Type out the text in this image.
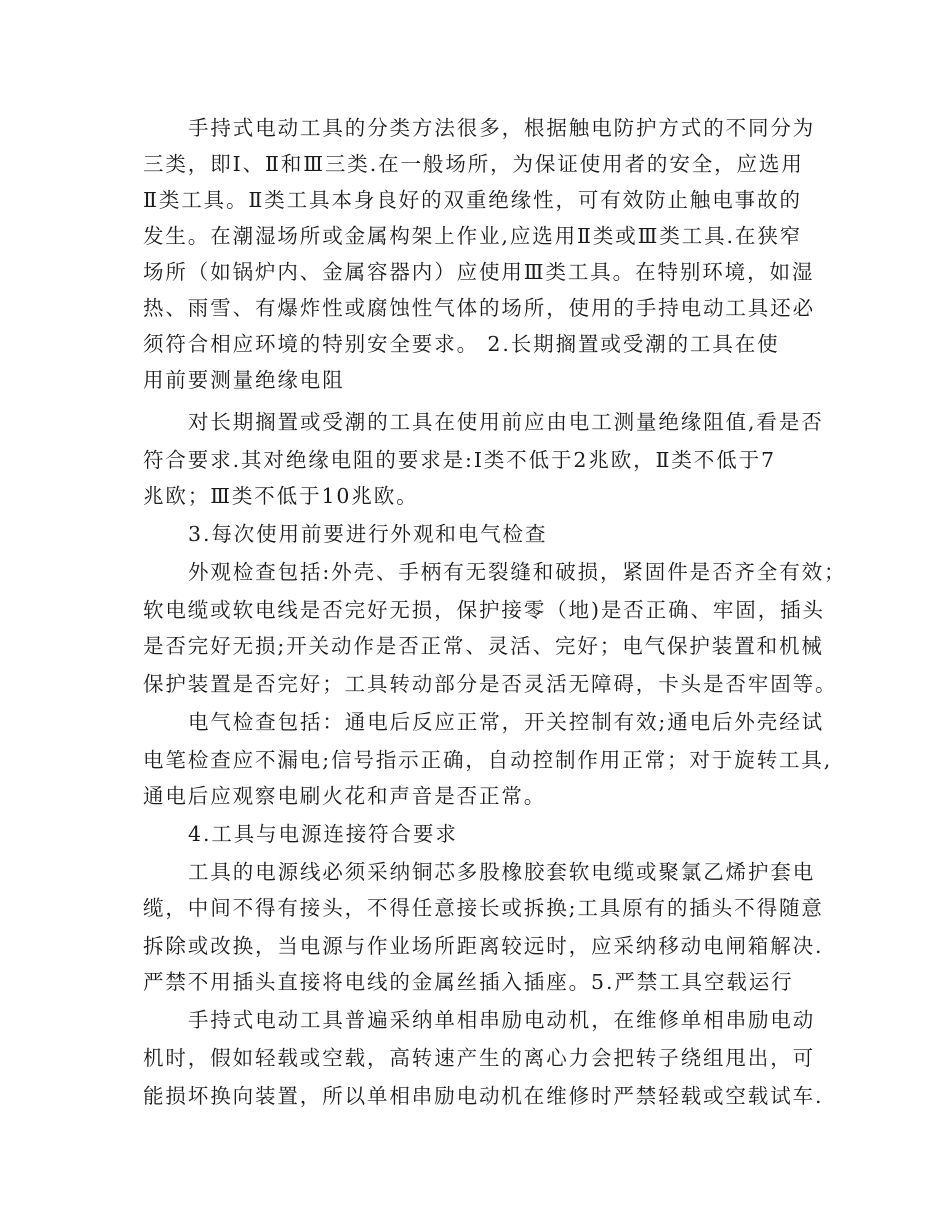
手持式电动工具的分类方法很多，根据触电防护方式的不同分为
三类，即Ⅰ、Ⅱ和Ⅲ三类.在一般场所，为保证使用者的安全，应选用
Ⅱ类工具。Ⅱ类工具本身良好的双重绝缘性，可有效防止触电事故的
发生。在潮湿场所或金属构架上作业,应选用Ⅱ类或Ⅲ类工具.在狭窄
场所（如锅炉内、金属容器内）应使用Ⅲ类工具。在特别环境，如湿
热、雨雪、有爆炸性或腐蚀性气体的场所，使用的手持电动工具还必
须符合相应环境的特别安全要求。 2.长期搁置或受潮的工具在使
用前要测量绝缘电阻
对长期搁置或受潮的工具在使用前应由电工测量绝缘阻值,看是否
符合要求.其对绝缘电阻的要求是:Ⅰ类不低于2兆欧，Ⅱ类不低于7
兆欧；Ⅲ类不低于10兆欧。
3.每次使用前要进行外观和电气检查
外观检查包括:外壳、手柄有无裂缝和破损，紧固件是否齐全有效；
软电缆或软电线是否完好无损，保护接零（地)是否正确、牢固，插头
是否完好无损;开关动作是否正常、灵活、完好；电气保护装置和机械
保护装置是否完好；工具转动部分是否灵活无障碍，卡头是否牢固等。
电气检查包括：通电后反应正常，开关控制有效;通电后外壳经试
电笔检查应不漏电;信号指示正确，自动控制作用正常；对于旋转工具,
通电后应观察电刷火花和声音是否正常。
4.工具与电源连接符合要求
工具的电源线必须采纳铜芯多股橡胶套软电缆或聚氯乙烯护套电
缆，中间不得有接头，不得任意接长或拆换;工具原有的插头不得随意
拆除或改换，当电源与作业场所距离较远时，应采纳移动电闸箱解决.
严禁不用插头直接将电线的金属丝插入插座。5.严禁工具空载运行
手持式电动工具普遍采纳单相串励电动机，在维修单相串励电动
机时，假如轻载或空载，高转速产生的离心力会把转子绕组甩出，可
能损坏换向装置，所以单相串励电动机在维修时严禁轻载或空载试车.
